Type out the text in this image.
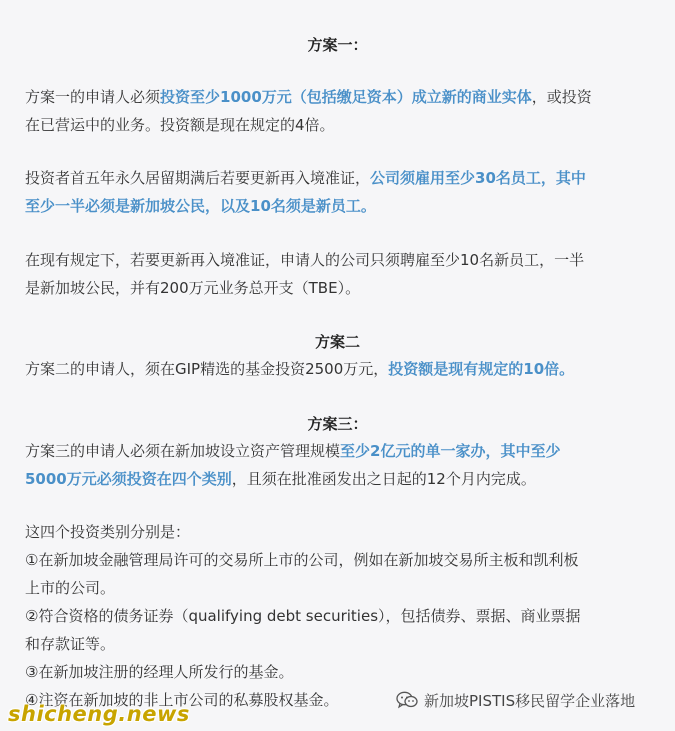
方案一：
方案一的申请人必须投资至少1000万元（包括缴足资本）成立新的商业实体，或投资
在已营运中的业务。投资额是现在规定的4倍。
投资者首五年永久居留期满后若要更新再入境准证，公司须雇用至少30名员工，其中
至少一半必须是新加坡公民，以及10名须是新员工。
在现有规定下，若要更新再入境准证，申请人的公司只须聘雇至少10名新员工，一半
是新加坡公民，并有200万元业务总开支（TBE）。
方案二
方案二的申请人，须在GIP精选的基金投资2500万元，投资额是现有规定的10倍。
方案三：
方案三的申请人必须在新加坡设立资产管理规模至少2亿元的单一家办，其中至少
5000万元必须投资在四个类别，且须在批准函发出之日起的12个月内完成。
这四个投资类别分别是：
①在新加坡金融管理局许可的交易所上市的公司，例如在新加坡交易所主板和凯利板
上市的公司。
②符合资格的债务证券（qualifying debt securities），包括债券、票据、商业票据
和存款证等。
③在新加坡注册的经理人所发行的基金。
④注资在新加坡的非上市公司的私募股权基金。	新加坡PISTIS移民留学企业落地
shicheng.news
